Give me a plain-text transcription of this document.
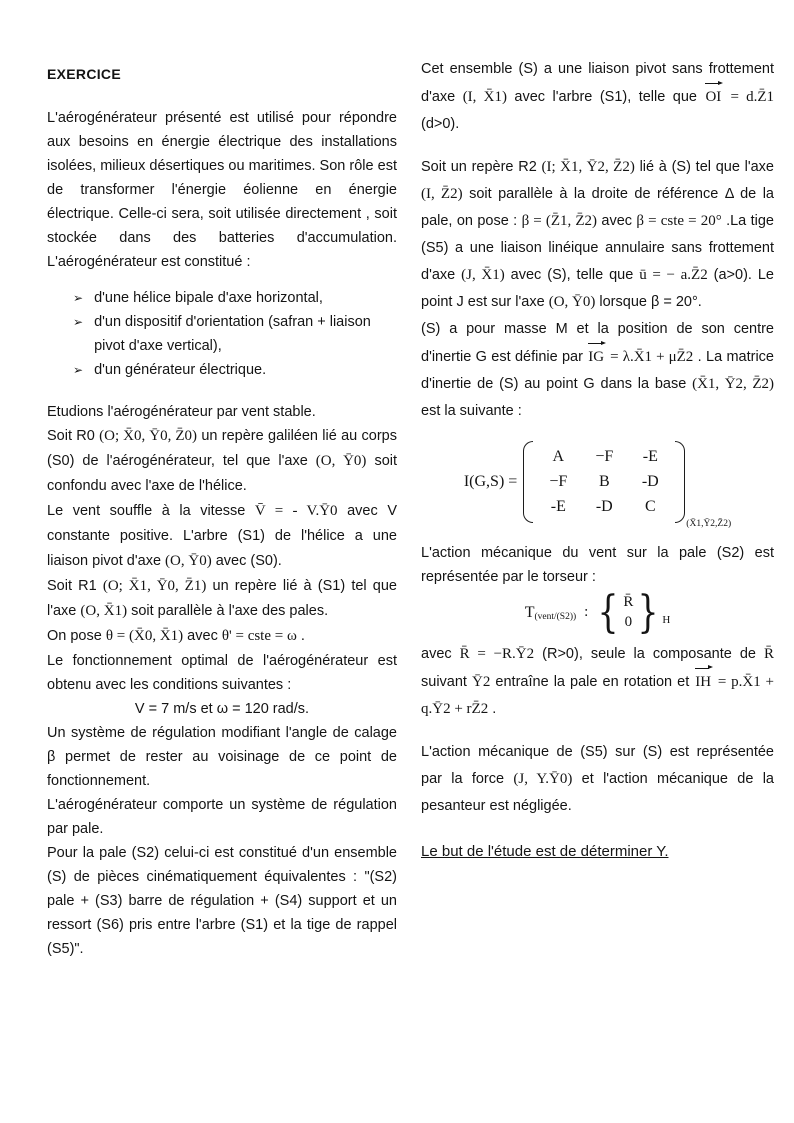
EXERCICE

L'aérogénérateur présenté est utilisé pour répondre aux besoins en énergie électrique des installations isolées, milieux désertiques ou maritimes. Son rôle est de transformer l'énergie éolienne en énergie électrique. Celle-ci sera, soit utilisée directement , soit stockée dans des batteries d'accumulation. L'aérogénérateur est constitué :

➢ d'une hélice bipale d'axe horizontal,
➢ d'un dispositif d'orientation (safran + liaison pivot d'axe vertical),
➢ d'un générateur électrique.

Etudions l'aérogénérateur par vent stable.

Soit R0 (O; X̄0, Ȳ0, Z̄0) un repère galiléen lié au corps (S0) de l'aérogénérateur, tel que l'axe (O, Ȳ0) soit confondu avec l'axe de l'hélice.

Le vent souffle à la vitesse V̄ = - V.Ȳ0 avec V constante positive. L'arbre (S1) de l'hélice a une liaison pivot d'axe (O, Ȳ0) avec (S0).

Soit R1 (O; X̄1, Ȳ0, Z̄1) un repère lié à (S1) tel que l'axe (O, X̄1) soit parallèle à l'axe des pales.

On pose θ = (X̄0, X̄1) avec θ' = cste = ω .

Le fonctionnement optimal de l'aérogénérateur est obtenu avec les conditions suivantes :

V = 7 m/s et ω = 120 rad/s.

Un système de régulation modifiant l'angle de calage β permet de rester au voisinage de ce point de fonctionnement.

L'aérogénérateur comporte un système de régulation par pale.

Pour la pale (S2) celui-ci est constitué d'un ensemble (S) de pièces cinématiquement équivalentes : "(S2) pale + (S3) barre de régulation + (S4) support et un ressort (S6) pris entre l'arbre (S1) et la tige de rappel (S5)".

Cet ensemble (S) a une liaison pivot sans frottement d'axe (I, X̄1) avec l'arbre (S1), telle que OI = d.Z̄1 (d>0).

Soit un repère R2 (I; X̄1, Ȳ2, Z̄2) lié à (S) tel que l'axe (I, Z̄2) soit parallèle à la droite de référence Δ de la pale, on pose : β = (Z̄1, Z̄2) avec β = cste = 20° .La tige (S5) a une liaison linéique annulaire sans frottement d'axe (J, X̄1) avec (S), telle que ū = − a.Z̄2 (a>0). Le point J est sur l'axe (O, Ȳ0) lorsque β = 20°.

(S) a pour masse M et la position de son centre d'inertie G est définie par IG = λ.X̄1 + μZ̄2 . La matrice d'inertie de (S) au point G dans la base (X̄1, Ȳ2, Z̄2) est la suivante :

I(G,S) =
A	−F	-E
−F	B	-D
-E	-D	C
(X̄1,Ȳ2,Z̄2)

L'action mécanique du vent sur la pale (S2) est représentée par le torseur :

T (vent/(S2)) : { R̄
0 } H

avec R̄ = −R.Ȳ2 (R>0), seule la composante de R̄ suivant Ȳ2 entraîne la pale en rotation et IH = p.X̄1 + q.Ȳ2 + rZ̄2 .

L'action mécanique de (S5) sur (S) est représentée par la force (J, Y.Ȳ0) et l'action mécanique de la pesanteur est négligée.

Le but de l'étude est de déterminer Y.
